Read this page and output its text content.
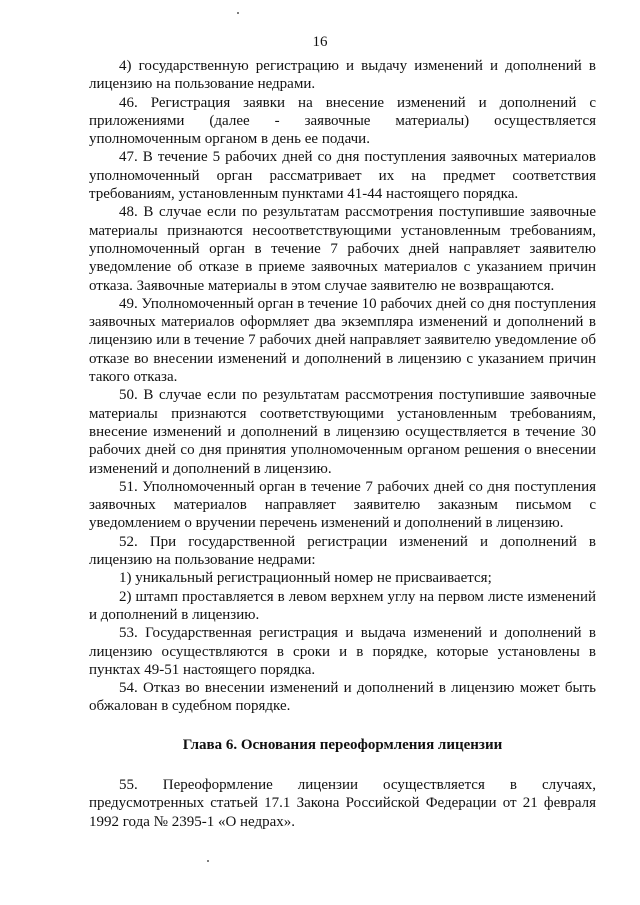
16

4) государственную регистрацию и выдачу изменений и дополнений в лицензию на пользование недрами.

46. Регистрация заявки на внесение изменений и дополнений с приложениями (далее - заявочные материалы) осуществляется уполномоченным органом в день ее подачи.

47. В течение 5 рабочих дней со дня поступления заявочных материалов уполномоченный орган рассматривает их на предмет соответствия требованиям, установленным пунктами 41-44 настоящего порядка.

48. В случае если по результатам рассмотрения поступившие заявочные материалы признаются несоответствующими установленным требованиям, уполномоченный орган в течение 7 рабочих дней направляет заявителю уведомление об отказе в приеме заявочных материалов с указанием причин отказа. Заявочные материалы в этом случае заявителю не возвращаются.

49. Уполномоченный орган в течение 10 рабочих дней со дня поступления заявочных материалов оформляет два экземпляра изменений и дополнений в лицензию или в течение 7 рабочих дней направляет заявителю уведомление об отказе во внесении изменений и дополнений в лицензию с указанием причин такого отказа.

50. В случае если по результатам рассмотрения поступившие заявочные материалы признаются соответствующими установленным требованиям, внесение изменений и дополнений в лицензию осуществляется в течение 30 рабочих дней со дня принятия уполномоченным органом решения о внесении изменений и дополнений в лицензию.

51. Уполномоченный орган в течение 7 рабочих дней со дня поступления заявочных материалов направляет заявителю заказным письмом с уведомлением о вручении перечень изменений и дополнений в лицензию.

52. При государственной регистрации изменений и дополнений в лицензию на пользование недрами:

1) уникальный регистрационный номер не присваивается;

2) штамп проставляется в левом верхнем углу на первом листе изменений и дополнений в лицензию.

53. Государственная регистрация и выдача изменений и дополнений в лицензию осуществляются в сроки и в порядке, которые установлены в пунктах 49-51 настоящего порядка.

54. Отказ во внесении изменений и дополнений в лицензию может быть обжалован в судебном порядке.

Глава 6. Основания переоформления лицензии

55. Переоформление лицензии осуществляется в случаях, предусмотренных статьей 17.1 Закона Российской Федерации от 21 февраля 1992 года № 2395-1 «О недрах».
